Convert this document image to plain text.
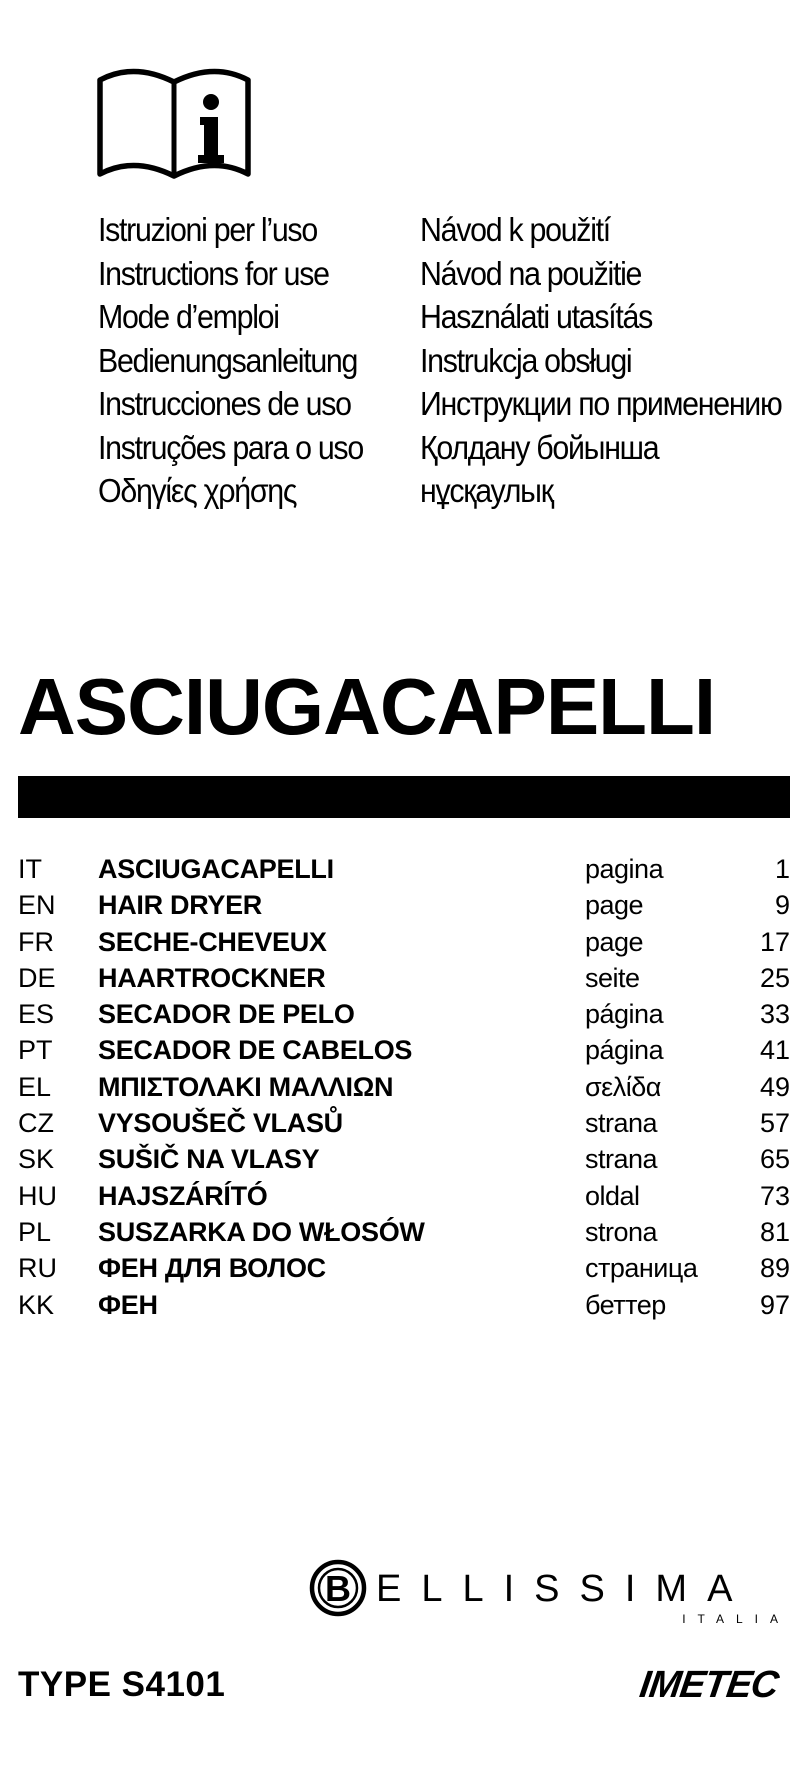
Istruzioni per l’uso
Instructions for use
Mode d’emploi
Bedienungsanleitung
Instrucciones de uso
Instruções para o uso
Οδηγίες χρήσης
Návod k použití
Návod na použitie
Használati utasítás
Instrukcja obsługi
Инструкции по применению
Қолдану бойынша
нұсқаулық
ASCIUGACAPELLI
IT ASCIUGACAPELLI	pagina	1
EN HAIR DRYER	page	9
FR SECHE-CHEVEUX	page	17
DE HAARTROCKNER	seite	25
ES SECADOR DE PELO	página	33
PT SECADOR DE CABELOS	página	41
EL ΜΠΙΣΤΟΛΑΚΙ ΜΑΛΛΙΩΝ	σελίδα	49
CZ VYSOUŠEČ VLASŮ	strana	57
SK SUŠIČ NA VLASY	strana	65
HU HAJSZÁRÍTÓ	oldal	73
PL SUSZARKA DO WŁOSÓW	strona	81
RU ФЕН ДЛЯ ВОЛОС	страница 89
KK ФЕН	беттер	97
B ELLISSIMA
ITALIA
TYPE S4101	IMETEC
